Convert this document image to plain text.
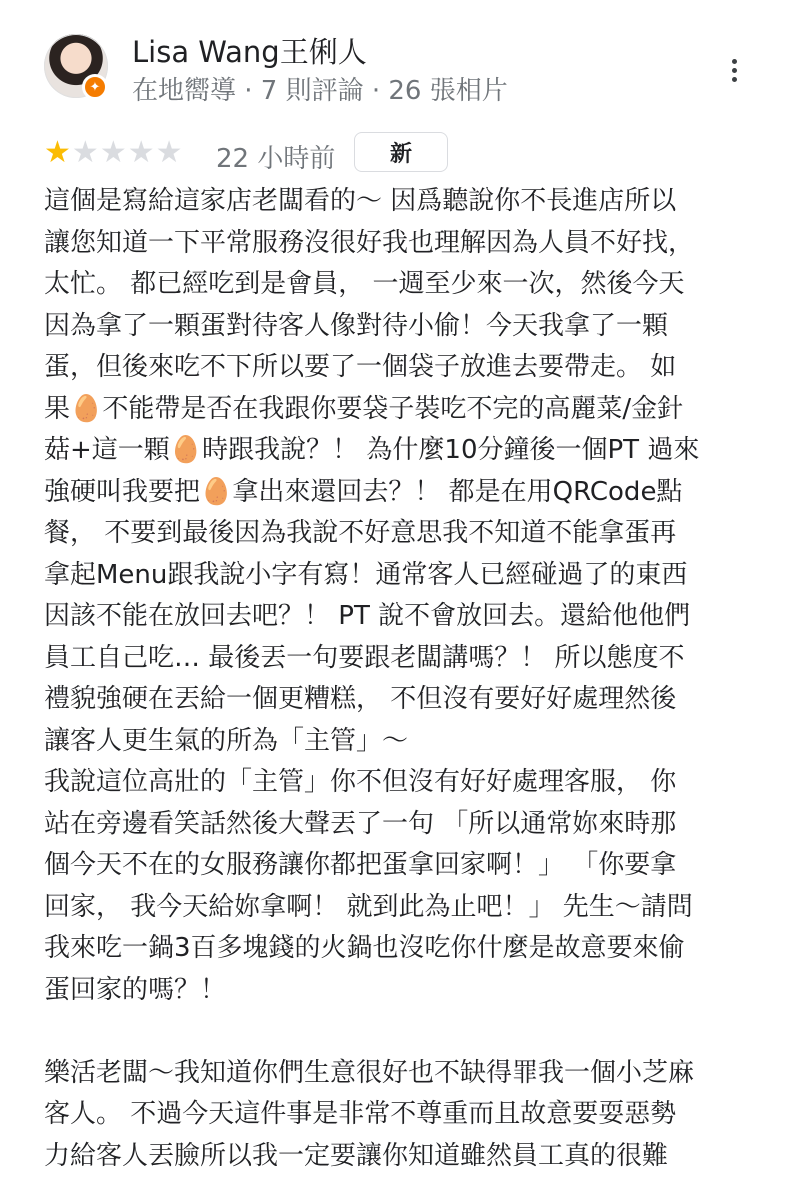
✦
Lisa Wang王俐人
在地嚮導 · 7 則評論 · 26 張相片
★ ★ ★ ★ ★ 22 小時前	新

這個是寫給這家店老闆看的～ 因爲聽說你不長進店所以

讓您知道一下平常服務沒很好我也理解因為人員不好找，

太忙。 都已經吃到是會員， 一週至少來一次，然後今天

因為拿了一顆蛋對待客人像對待小偷！今天我拿了一顆

蛋，但後來吃不下所以要了一個袋子放進去要帶走。 如

果🥚不能帶是否在我跟你要袋子裝吃不完的高麗菜/金針

菇+這一顆🥚時跟我說？！ 為什麼10分鐘後一個PT 過來

強硬叫我要把🥚拿出來還回去？！ 都是在用QRCode點

餐， 不要到最後因為我說不好意思我不知道不能拿蛋再

拿起Menu跟我說小字有寫！通常客人已經碰過了的東西

因該不能在放回去吧？！ PT 說不會放回去。還給他他們

員工自己吃… 最後丟一句要跟老闆講嗎？！ 所以態度不

禮貌強硬在丟給一個更糟糕， 不但沒有要好好處理然後

讓客人更生氣的所為「主管」～

我說這位高壯的「主管」你不但沒有好好處理客服， 你

站在旁邊看笑話然後大聲丟了一句 「所以通常妳來時那

個今天不在的女服務讓你都把蛋拿回家啊！」 「你要拿

回家， 我今天給妳拿啊！ 就到此為止吧！」 先生～請問

我來吃一鍋3百多塊錢的火鍋也沒吃你什麼是故意要來偷

蛋回家的嗎？！

樂活老闆～我知道你們生意很好也不缺得罪我一個小芝麻

客人。 不過今天這件事是非常不尊重而且故意要耍惡勢

力給客人丟臉所以我一定要讓你知道雖然員工真的很難
